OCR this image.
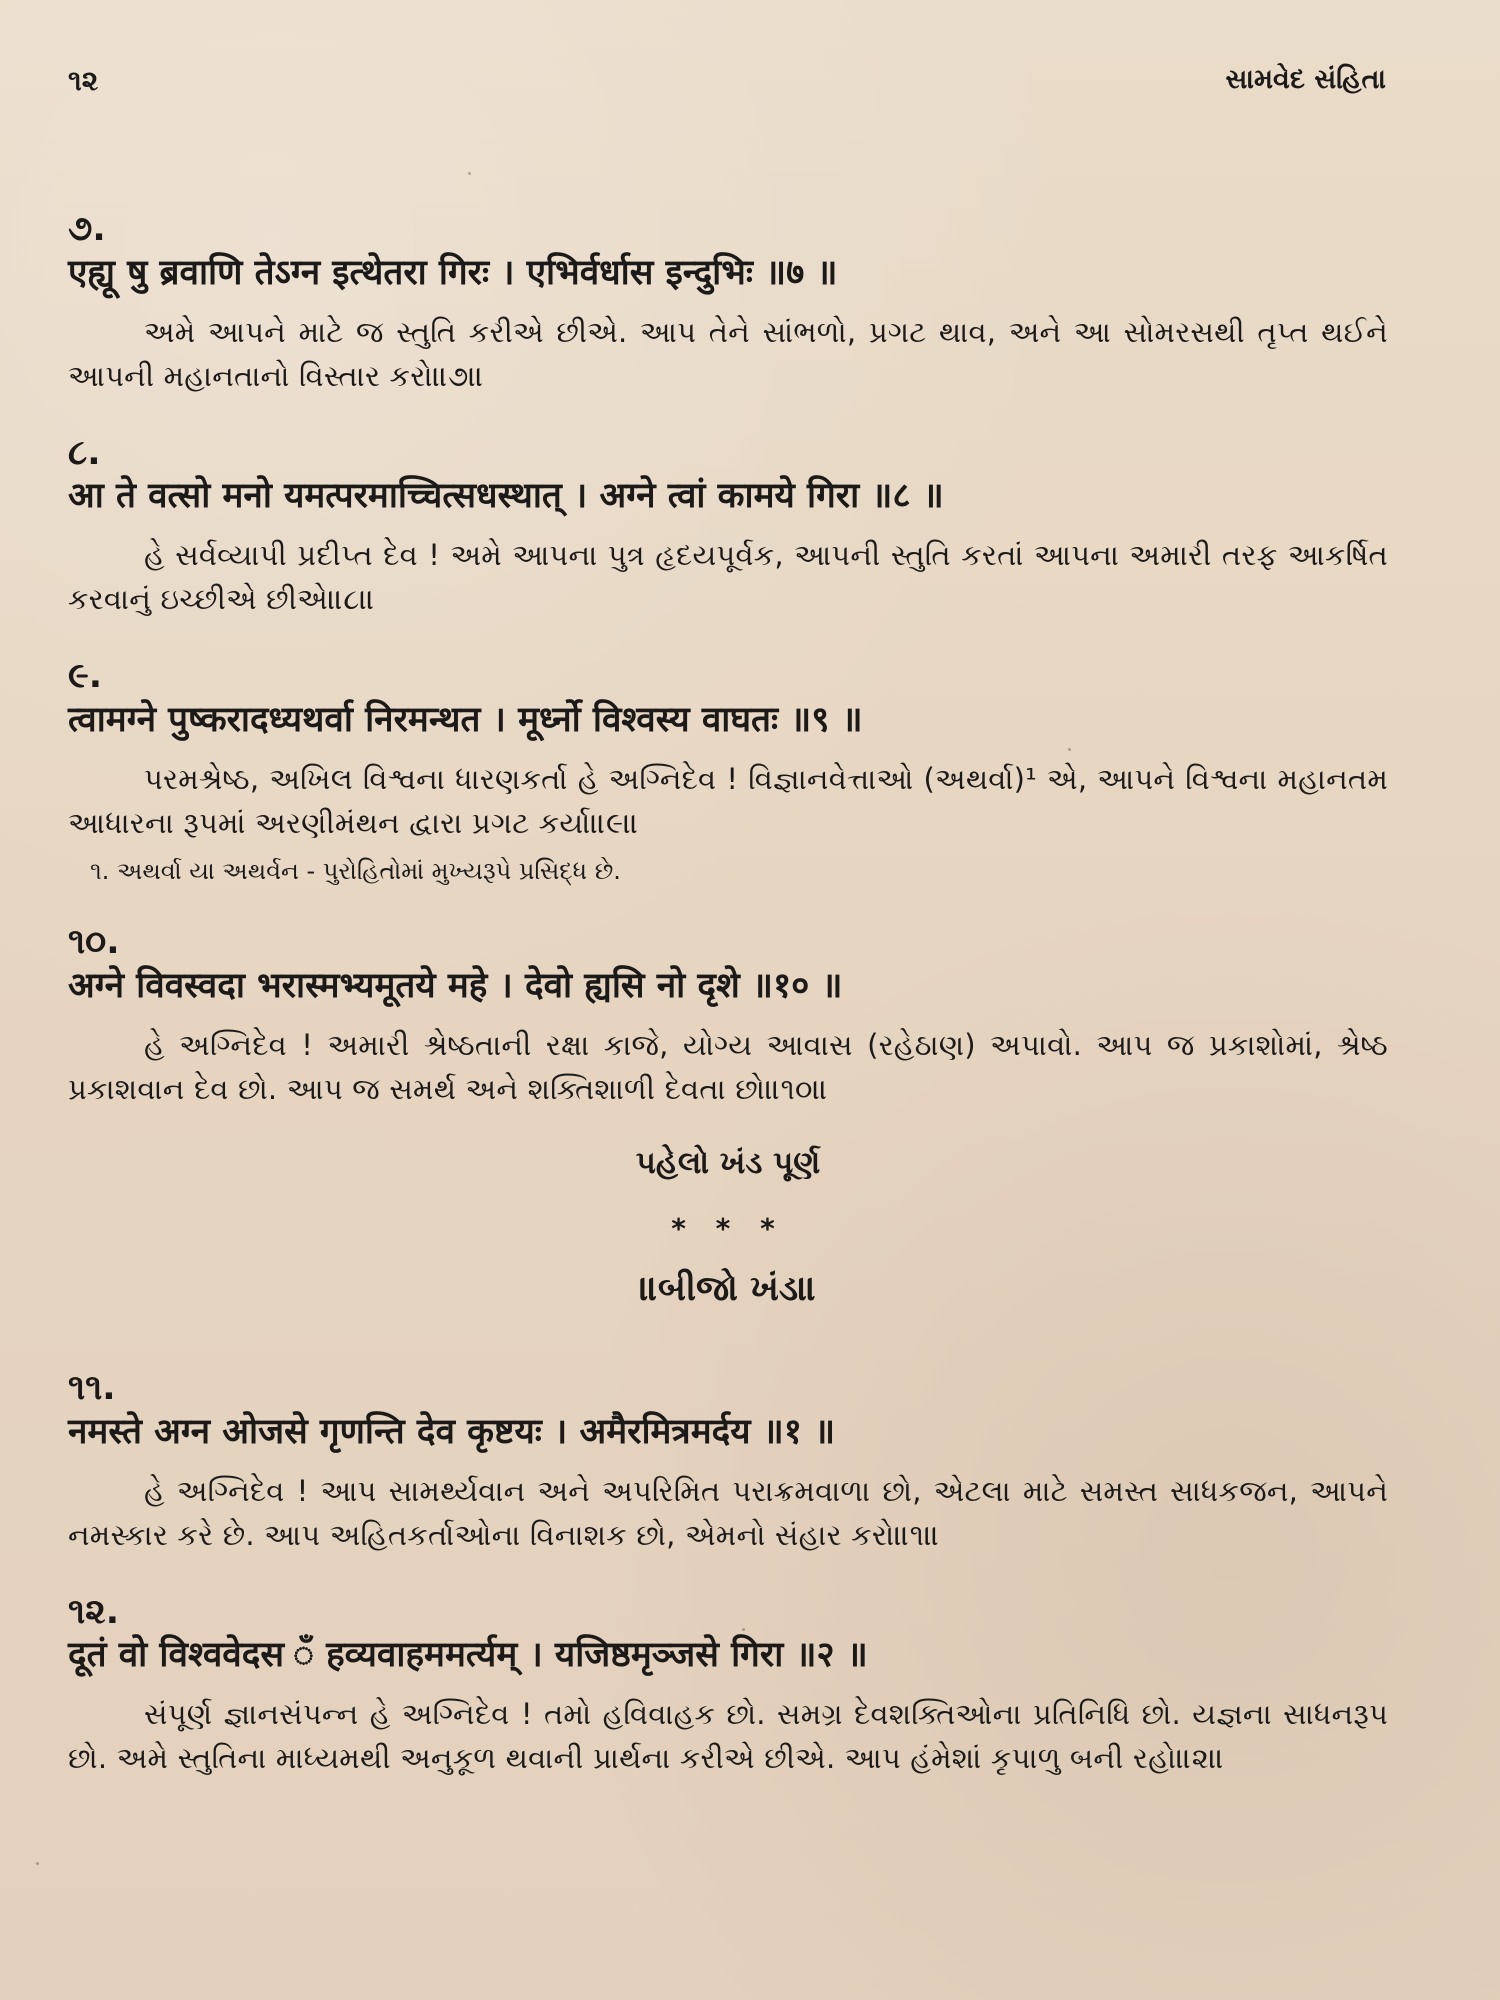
૧૨	સામવેદ સંહિતા
૭. एह्यू षु ब्रवाणि तेऽग्न इत्थेतरा गिरः । एभिर्वर्धास इन्दुभिः ॥७ ॥
અમે આપને માટે જ સ્તુતિ કરીએ છીએ. આપ તેને સાંભળો, પ્રગટ થાવ, અને આ સોમરસથી તૃપ્ત થઈને આપની મહાનતાનો વિસ્તાર કરો॥૭॥
૮. आ ते वत्सो मनो यमत्परमाच्चित्सधस्थात् । अग्ने त्वां कामये गिरा ॥८ ॥
હે સર્વવ્યાપી પ્રદીપ્ત દેવ ! અમે આપના પુત્ર હૃદયપૂર્વક, આપની સ્તુતિ કરતાં આપના અમારી તરફ આકર્ષિત કરવાનું ઇચ્છીએ છીએ॥૮॥
૯. त्वामग्ने पुष्करादध्यथर्वा निरमन्थत । मूर्ध्नो विश्वस्य वाघतः ॥९ ॥
પરમશ્રેષ્ઠ, અખિલ વિશ્વના ધારણકર્તા હે અગ્નિદેવ ! વિજ્ઞાનવેત્તાઓ (અથર્વા)¹ એ, આપને વિશ્વના મહાનતમ આધારના રૂપમાં અરણીમંથન દ્વારા પ્રગટ કર્યા॥૯॥
૧. અથર્વા યા અથર્વન - પુરોહિતોમાં મુખ્યરૂપે પ્રસિદ્ધ છે.
૧૦. अग्ने विवस्वदा भरास्मभ्यमूतये महे । देवो ह्यसि नो दृशे ॥१० ॥
હે અગ્નિદેવ ! અમારી શ્રેષ્ઠતાની રક્ષા કાજે, યોગ્ય આવાસ (રહેઠાણ) અપાવો. આપ જ પ્રકાશોમાં, શ્રેષ્ઠ પ્રકાશવાન દેવ છો. આપ જ સમર્થ અને શક્તિશાળી દેવતા છો॥૧૦॥
પહેલો ખંડ પૂર્ણ
* * *
॥બીજો ખંડ॥
૧૧. नमस्ते अग्न ओजसे गृणन्ति देव कृष्टयः । अमैरमित्रमर्दय ॥१ ॥
હે અગ્નિદેવ ! આપ સામર્થ્યવાન અને અપરિમિત પરાક્રમવાળા છો, એટલા માટે સમસ્ત સાધકજન, આપને નમસ્કાર કરે છે. આપ અહિતકર્તાઓના વિનાશક છો, એમનો સંહાર કરો॥૧॥
૧૨. दूतं वो विश्ववेदस ँ हव्यवाहममर्त्यम् । यजिष्ठमृञ्जसे गिरा ॥२ ॥
સંપૂર્ણ જ્ઞાનસંપન્ન હે અગ્નિદેવ ! તમો હવિવાહક છો. સમગ્ર દેવશક્તિઓના પ્રતિનિધિ છો. યજ્ઞના સાધનરૂપ છો. અમે સ્તુતિના માધ્યમથી અનુકૂળ થવાની પ્રાર્થના કરીએ છીએ. આપ હંમેશાં કૃપાળુ બની રહો॥૨॥
